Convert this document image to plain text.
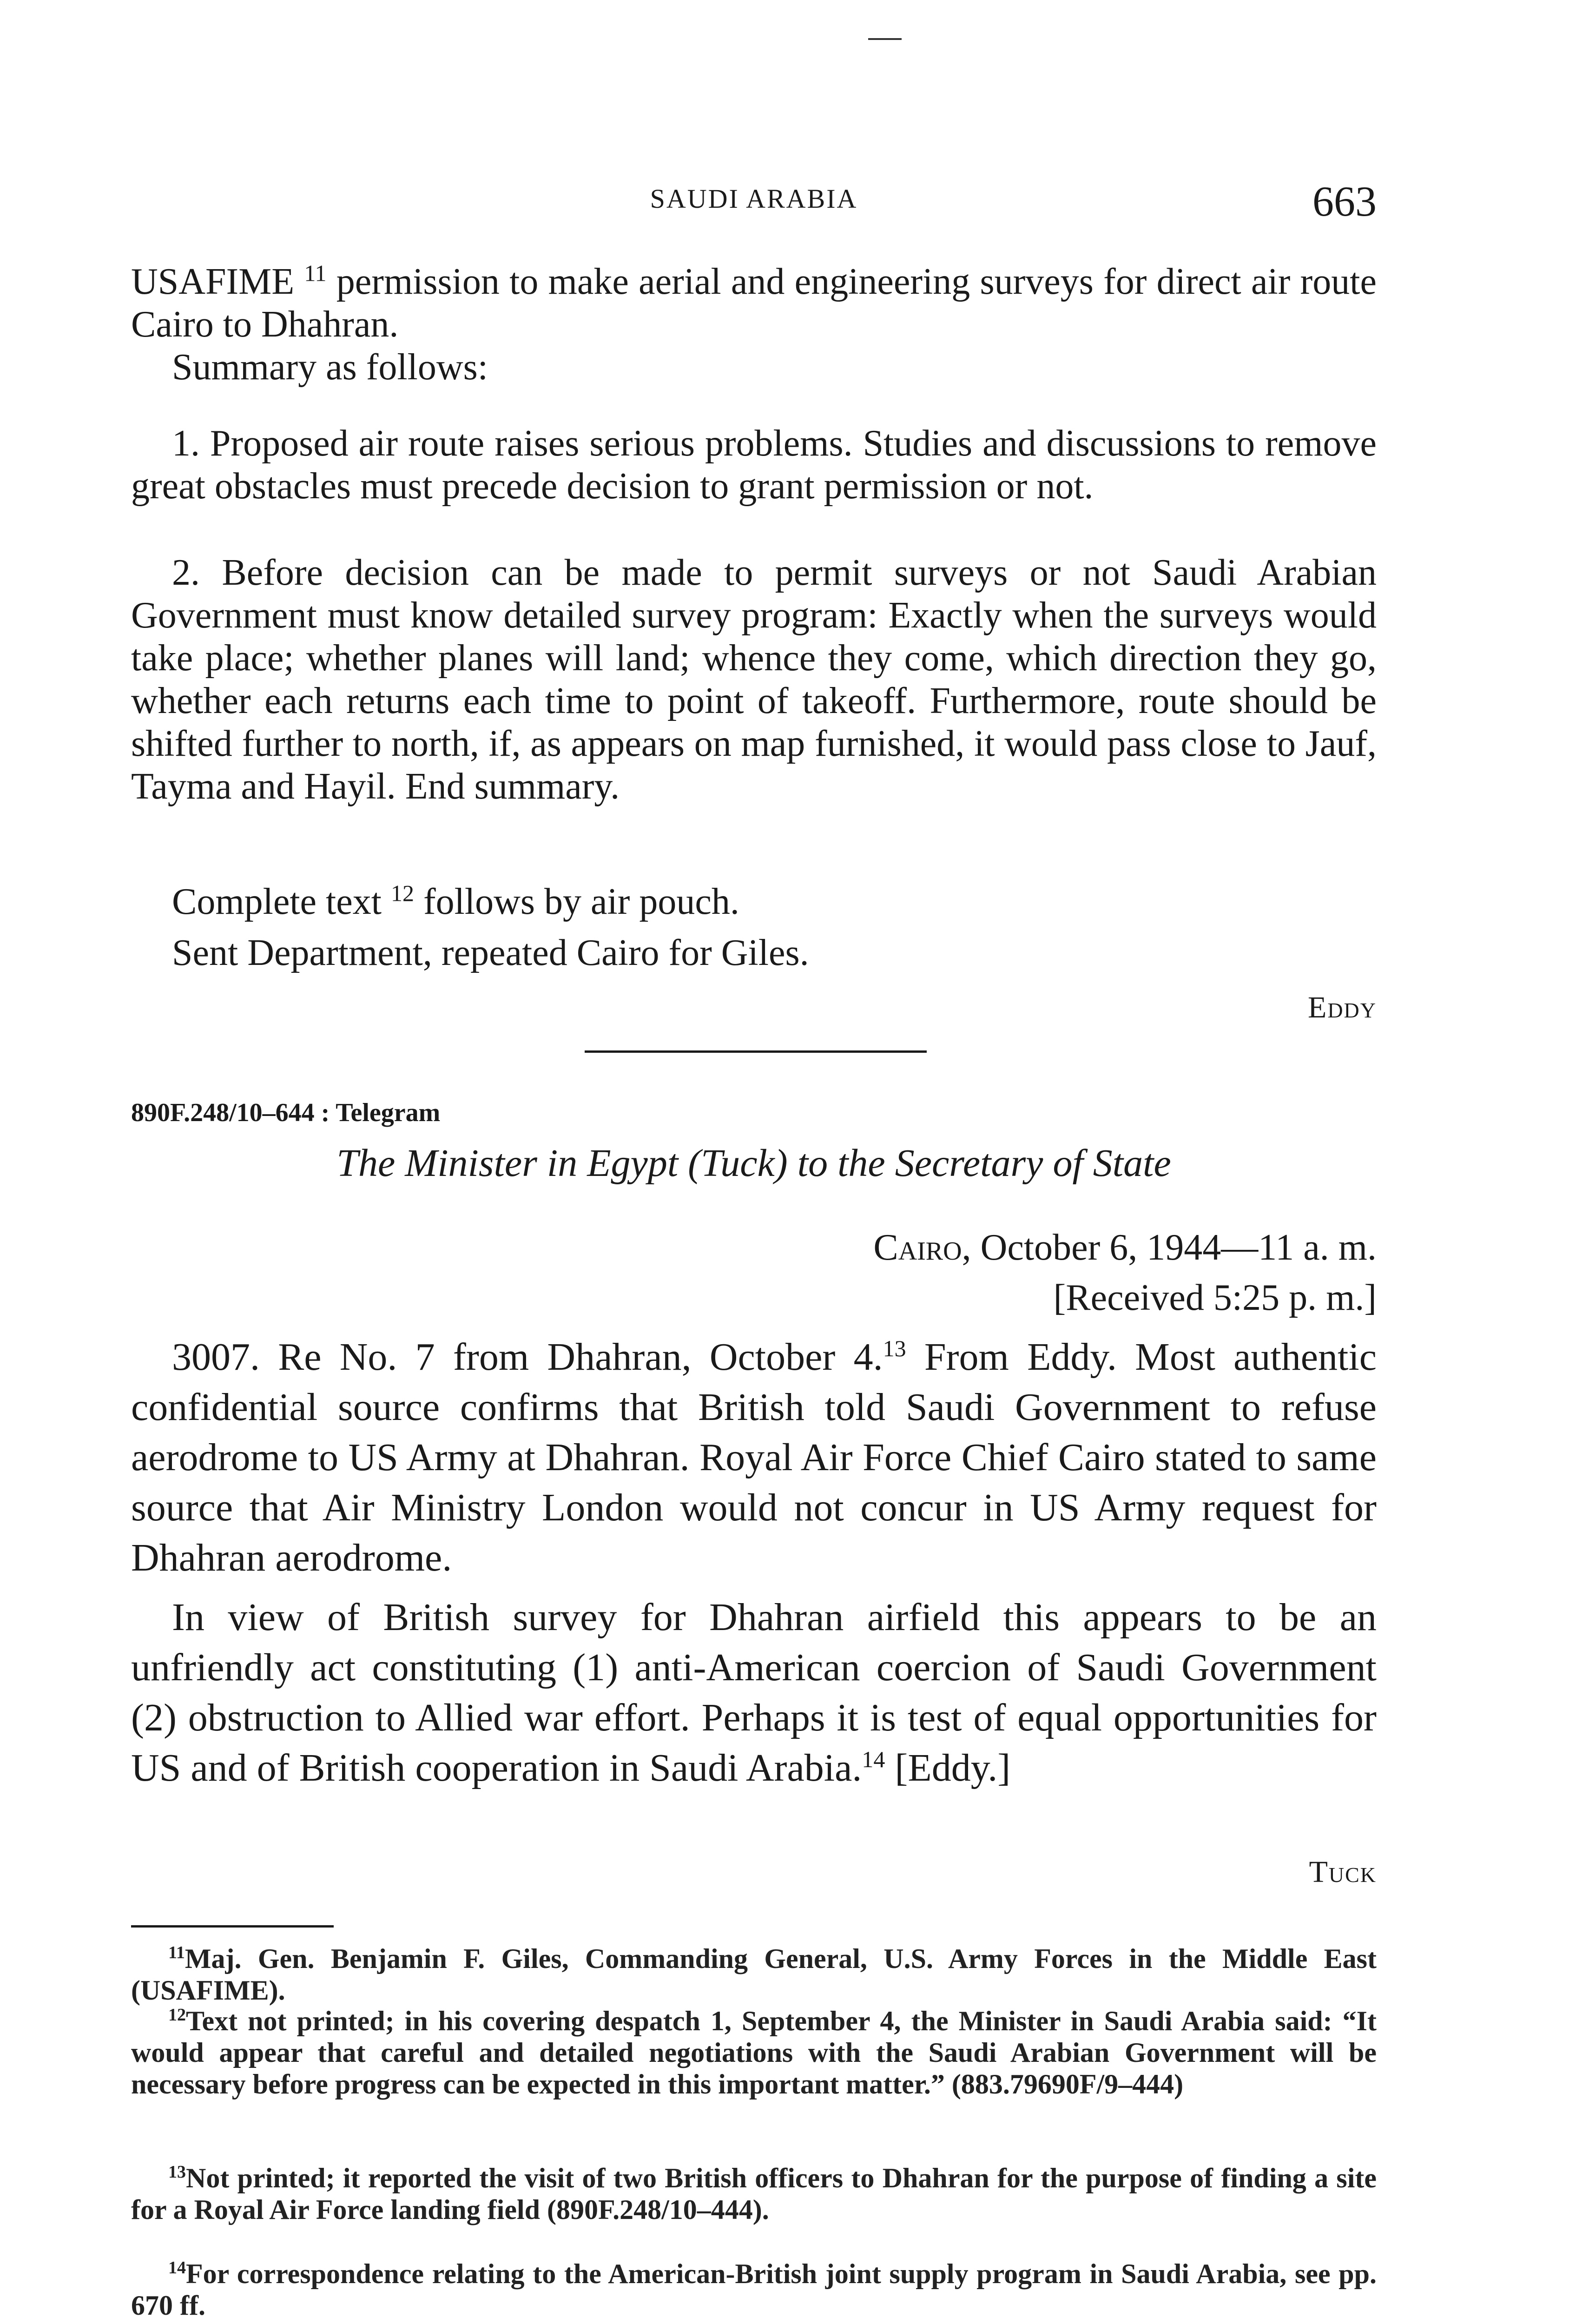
SAUDI ARABIA	663

USAFIME $^{11}$ permission to make aerial and engineering surveys for direct air route Cairo to Dhahran.

Summary as follows:

1. Proposed air route raises serious problems. Studies and discussions to remove great obstacles must precede decision to grant permission or not.

2. Before decision can be made to permit surveys or not Saudi Arabian Government must know detailed survey program: Exactly when the surveys would take place; whether planes will land; whence they come, which direction they go, whether each returns each time to point of takeoff. Furthermore, route should be shifted further to north, if, as appears on map furnished, it would pass close to Jauf, Tayma and Hayil. End summary.

Complete text $^{12}$ follows by air pouch.

Sent Department, repeated Cairo for Giles.

Eddy
890F.248/10–644 : Telegram
The Minister in Egypt (Tuck) to the Secretary of State
Cairo, October 6, 1944—11 a. m.
[Received 5:25 p. m.]

3007. Re No. 7 from Dhahran, October 4.13 From Eddy. Most authentic confidential source confirms that British told Saudi Government to refuse aerodrome to US Army at Dhahran. Royal Air Force Chief Cairo stated to same source that Air Ministry London would not concur in US Army request for Dhahran aerodrome.

In view of British survey for Dhahran airfield this appears to be an unfriendly act constituting (1) anti-American coercion of Saudi Government (2) obstruction to Allied war effort. Perhaps it is test of equal opportunities for US and of British cooperation in Saudi Arabia.$^{14}$ [Eddy.]

Tuck

$^{11}$Maj. Gen. Benjamin F. Giles, Commanding General, U.S. Army Forces in the Middle East (USAFIME).

$^{12}$Text not printed; in his covering despatch 1, September 4, the Minister in Saudi Arabia said: “It would appear that careful and detailed negotiations with the Saudi Arabian Government will be necessary before progress can be expected in this important matter.” (883.79690F/9–444)

$^{13}$Not printed; it reported the visit of two British officers to Dhahran for the purpose of finding a site for a Royal Air Force landing field (890F.248/10–444).

$^{14}$For correspondence relating to the American-British joint supply program in Saudi Arabia, see pp. 670 ff.
